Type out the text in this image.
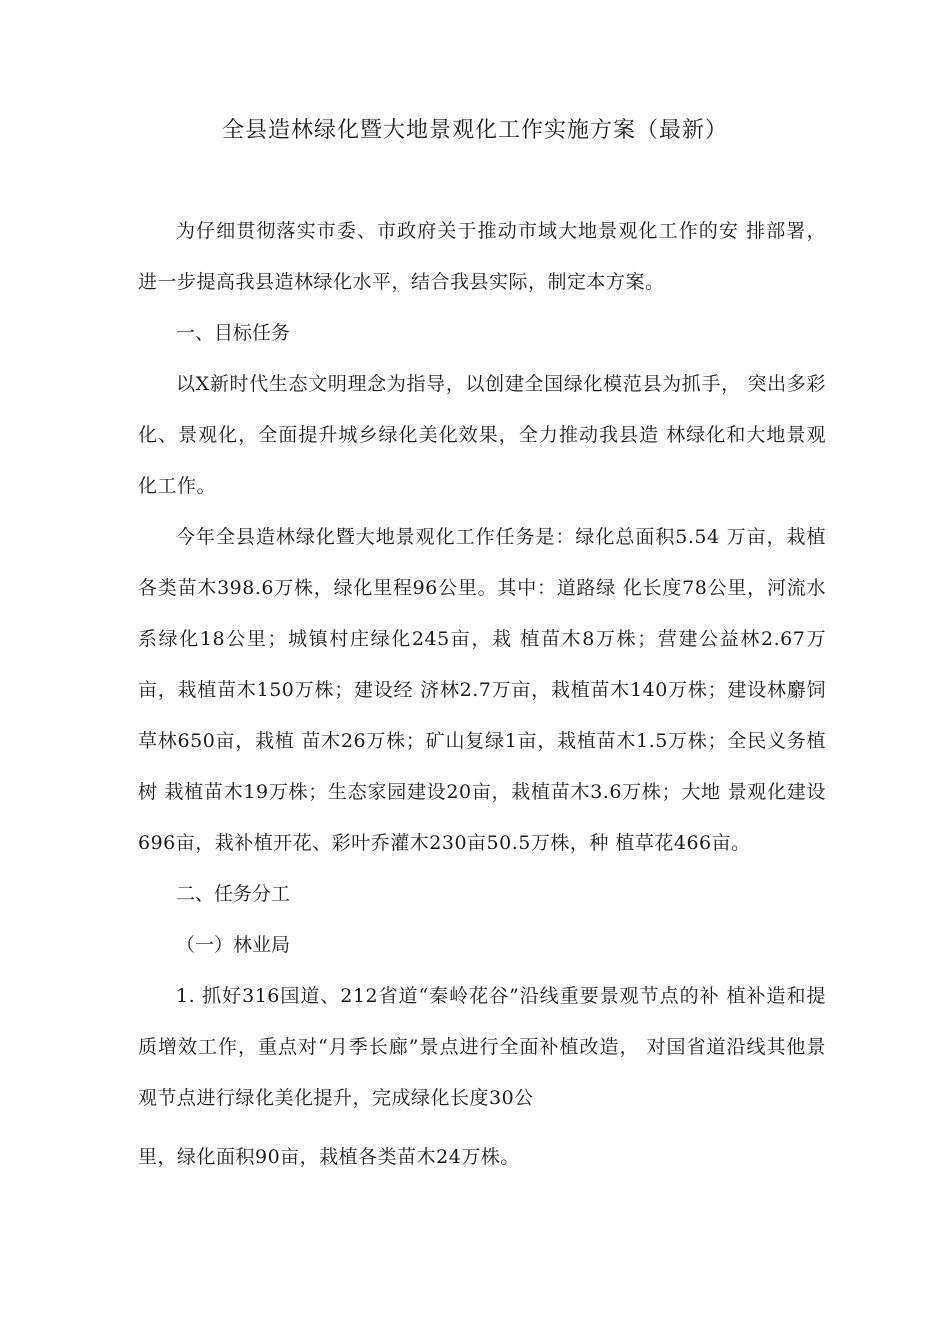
全县造林绿化暨大地景观化工作实施方案（最新）

为仔细贯彻落实市委、市政府关于推动市域大地景观化工作的安 排部署，进一步提高我县造林绿化水平，结合我县实际，制定本方案。

一、目标任务

以X新时代生态文明理念为指导，以创建全国绿化模范县为抓手， 突出多彩化、景观化，全面提升城乡绿化美化效果，全力推动我县造 林绿化和大地景观化工作。

今年全县造林绿化暨大地景观化工作任务是：绿化总面积5.54 万亩，栽植各类苗木398.6万株，绿化里程96公里。其中：道路绿 化长度78公里，河流水系绿化18公里；城镇村庄绿化245亩，栽 植苗木8万株；营建公益林2.67万亩，栽植苗木150万株；建设经 济林2.7万亩，栽植苗木140万株；建设林麝饲草林650亩，栽植 苗木26万株；矿山复绿1亩，栽植苗木1.5万株；全民义务植树 栽植苗木19万株；生态家园建设20亩，栽植苗木3.6万株；大地 景观化建设696亩，栽补植开花、彩叶乔灌木230亩50.5万株，种 植草花466亩。

二、任务分工

（一）林业局

1. 抓好316国道、212省道“秦岭花谷”沿线重要景观节点的补 植补造和提质增效工作，重点对“月季长廊”景点进行全面补植改造， 对国省道沿线其他景观节点进行绿化美化提升，完成绿化长度30公

里，绿化面积90亩，栽植各类苗木24万株。
